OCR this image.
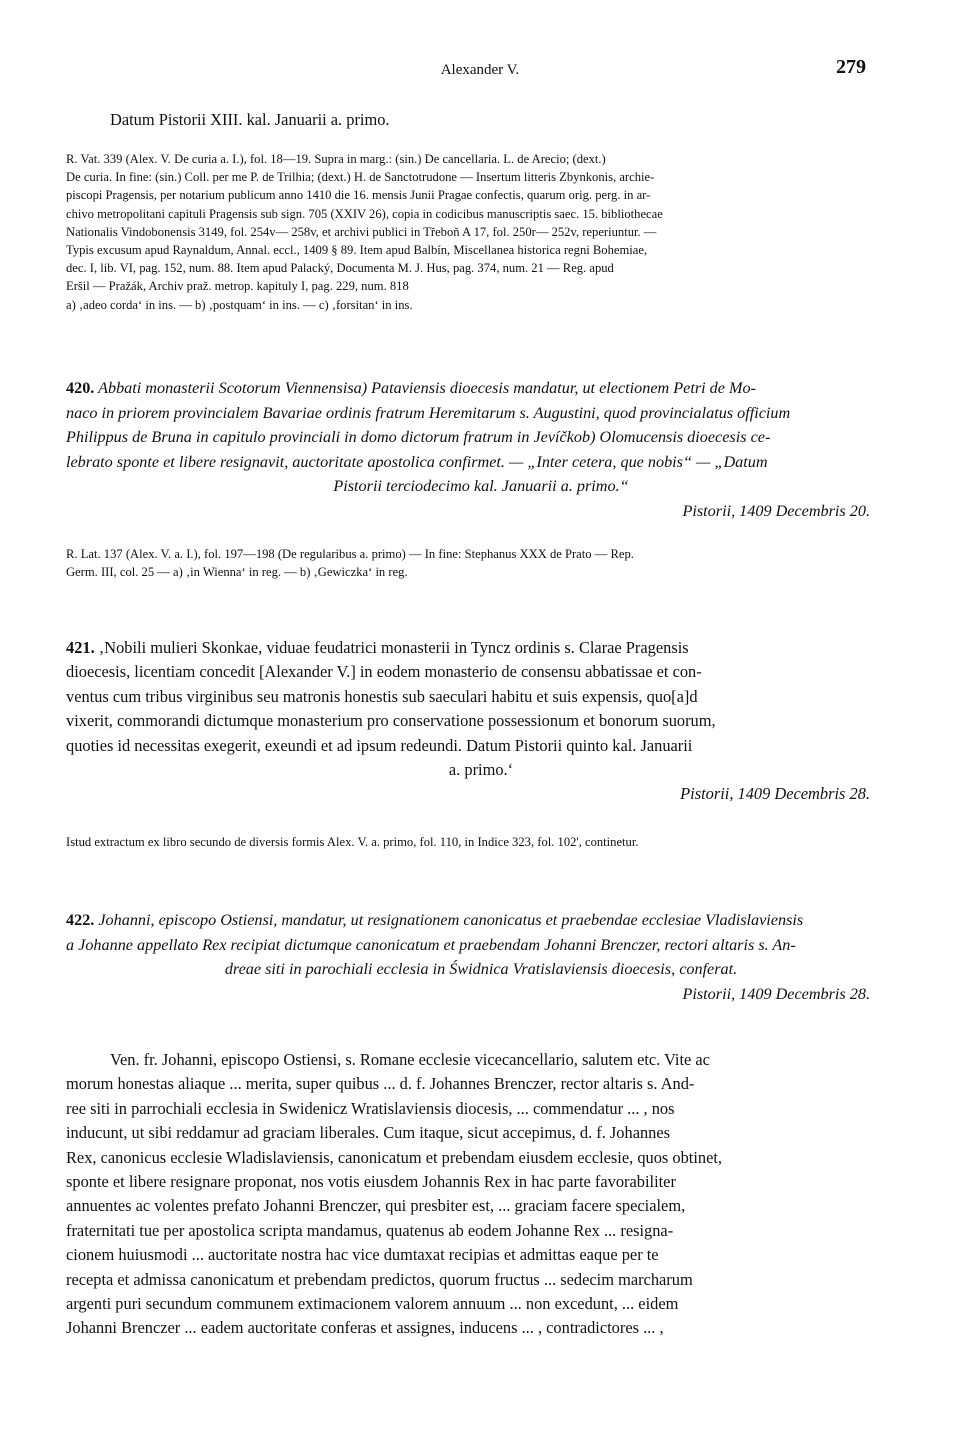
Alexander V.	279
Datum Pistorii XIII. kal. Januarii a. primo.

R. Vat. 339 (Alex. V. De curia a. I.), fol. 18—19. Supra in marg.: (sin.) De cancellaria. L. de Arecio; (dext.)

De curia. In fine: (sin.) Coll. per me P. de Trilhia; (dext.) H. de Sanctotrudone — Insertum litteris Zbynkonis, archie-

piscopi Pragensis, per notarium publicum anno 1410 die 16. mensis Junii Pragae confectis, quarum orig. perg. in ar-

chivo metropolitani capituli Pragensis sub sign. 705 (XXIV 26), copia in codicibus manuscriptis saec. 15. bibliothecae

Nationalis Vindobonensis 3149, fol. 254v— 258v, et archivi publici in Třeboň A 17, fol. 250r— 252v, reperiuntur. —

Typis excusum apud Raynaldum, Annal. eccl., 1409 § 89. Item apud Balbín, Miscellanea historica regni Bohemiae,

dec. I, lib. VI, pag. 152, num. 88. Item apud Palacký, Documenta M. J. Hus, pag. 374, num. 21 — Reg. apud

Eršil — Pražák, Archiv praž. metrop. kapituly I, pag. 229, num. 818

a) ‚adeo corda‘ in ins. — b) ‚postquam‘ in ins. — c) ‚forsitan‘ in ins.

420. Abbati monasterii Scotorum Viennensisa) Pataviensis dioecesis mandatur, ut electionem Petri de Mo-

naco in priorem provincialem Bavariae ordinis fratrum Heremitarum s. Augustini, quod provincialatus officium

Philippus de Bruna in capitulo provinciali in domo dictorum fratrum in Jevíčkob) Olomucensis dioecesis ce-

lebrato sponte et libere resignavit, auctoritate apostolica confirmet. — „Inter cetera, que nobis“ — „Datum

Pistorii terciodecimo kal. Januarii a. primo.“

Pistorii, 1409 Decembris 20.

R. Lat. 137 (Alex. V. a. I.), fol. 197—198 (De regularibus a. primo) — In fine: Stephanus XXX de Prato — Rep.

Germ. III, col. 25 — a) ‚in Wienna‘ in reg. — b) ‚Gewiczka‘ in reg.

421. ‚Nobili mulieri Skonkae, viduae feudatrici monasterii in Tyncz ordinis s. Clarae Pragensis

dioecesis, licentiam concedit [Alexander V.] in eodem monasterio de consensu abbatissae et con-

ventus cum tribus virginibus seu matronis honestis sub saeculari habitu et suis expensis, quo[a]d

vixerit, commorandi dictumque monasterium pro conservatione possessionum et bonorum suorum,

quoties id necessitas exegerit, exeundi et ad ipsum redeundi. Datum Pistorii quinto kal. Januarii

a. primo.‘

Pistorii, 1409 Decembris 28.

Istud extractum ex libro secundo de diversis formis Alex. V. a. primo, fol. 110, in Indice 323, fol. 102', continetur.

422. Johanni, episcopo Ostiensi, mandatur, ut resignationem canonicatus et praebendae ecclesiae Vladislaviensis

a Johanne appellato Rex recipiat dictumque canonicatum et praebendam Johanni Brenczer, rectori altaris s. An-

dreae siti in parochiali ecclesia in Świdnica Vratislaviensis dioecesis, conferat.

Pistorii, 1409 Decembris 28.

Ven. fr. Johanni, episcopo Ostiensi, s. Romane ecclesie vicecancellario, salutem etc. Vite ac

morum honestas aliaque ... merita, super quibus ... d. f. Johannes Brenczer, rector altaris s. And-

ree siti in parrochiali ecclesia in Swidenicz Wratislaviensis diocesis, ... commendatur ... , nos

inducunt, ut sibi reddamur ad graciam liberales. Cum itaque, sicut accepimus, d. f. Johannes

Rex, canonicus ecclesie Wladislaviensis, canonicatum et prebendam eiusdem ecclesie, quos obtinet,

sponte et libere resignare proponat, nos votis eiusdem Johannis Rex in hac parte favorabiliter

annuentes ac volentes prefato Johanni Brenczer, qui presbiter est, ... graciam facere specialem,

fraternitati tue per apostolica scripta mandamus, quatenus ab eodem Johanne Rex ... resigna-

cionem huiusmodi ... auctoritate nostra hac vice dumtaxat recipias et admittas eaque per te

recepta et admissa canonicatum et prebendam predictos, quorum fructus ... sedecim marcharum

argenti puri secundum communem extimacionem valorem annuum ... non excedunt, ... eidem

Johanni Brenczer ... eadem auctoritate conferas et assignes, inducens ... , contradictores ... ,
